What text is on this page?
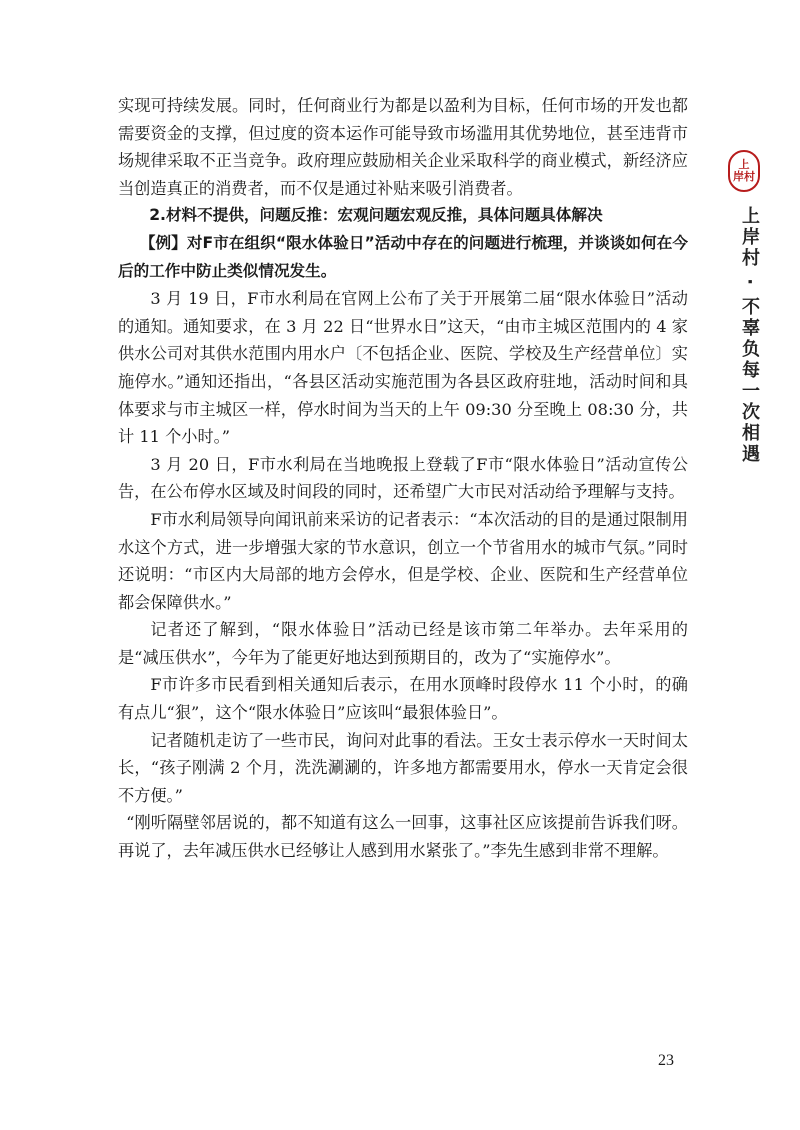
实现可持续发展。同时，任何商业行为都是以盈利为目标，任何市场的开发也都需要资金的支撑，但过度的资本运作可能导致市场滥用其优势地位，甚至违背市场规律采取不正当竞争。政府理应鼓励相关企业采取科学的商业模式，新经济应当创造真正的消费者，而不仅是通过补贴来吸引消费者。

2.材料不提供，问题反推：宏观问题宏观反推，具体问题具体解决

【例】对F市在组织“限水体验日”活动中存在的问题进行梳理，并谈谈如何在今后的工作中防止类似情况发生。

3 月 19 日，F市水利局在官网上公布了关于开展第二届“限水体验日”活动的通知。通知要求，在 3 月 22 日“世界水日”这天，“由市主城区范围内的 4 家供水公司对其供水范围内用水户〔不包括企业、医院、学校及生产经营单位〕实施停水。”通知还指出，“各县区活动实施范围为各县区政府驻地，活动时间和具体要求与市主城区一样，停水时间为当天的上午 09:30 分至晚上 08:30 分，共计 11 个小时。”

3 月 20 日，F市水利局在当地晚报上登载了F市“限水体验日”活动宣传公告，在公布停水区域及时间段的同时，还希望广大市民对活动给予理解与支持。

F市水利局领导向闻讯前来采访的记者表示：“本次活动的目的是通过限制用水这个方式，进一步增强大家的节水意识，创立一个节省用水的城市气氛。”同时还说明：“市区内大局部的地方会停水，但是学校、企业、医院和生产经营单位都会保障供水。”

记者还了解到，“限水体验日”活动已经是该市第二年举办。去年采用的是“减压供水”，今年为了能更好地达到预期目的，改为了“实施停水”。

F市许多市民看到相关通知后表示，在用水顶峰时段停水 11 个小时，的确有点儿“狠”，这个“限水体验日”应该叫“最狠体验日”。

记者随机走访了一些市民，询问对此事的看法。王女士表示停水一天时间太长，“孩子刚满 2 个月，洗洗涮涮的，许多地方都需要用水，停水一天肯定会很不方便。”

“刚听隔壁邻居说的，都不知道有这么一回事，这事社区应该提前告诉我们呀。再说了，去年减压供水已经够让人感到用水紧张了。”李先生感到非常不理解。

上
岸村
上岸村 · 不辜负每一次相遇
23
